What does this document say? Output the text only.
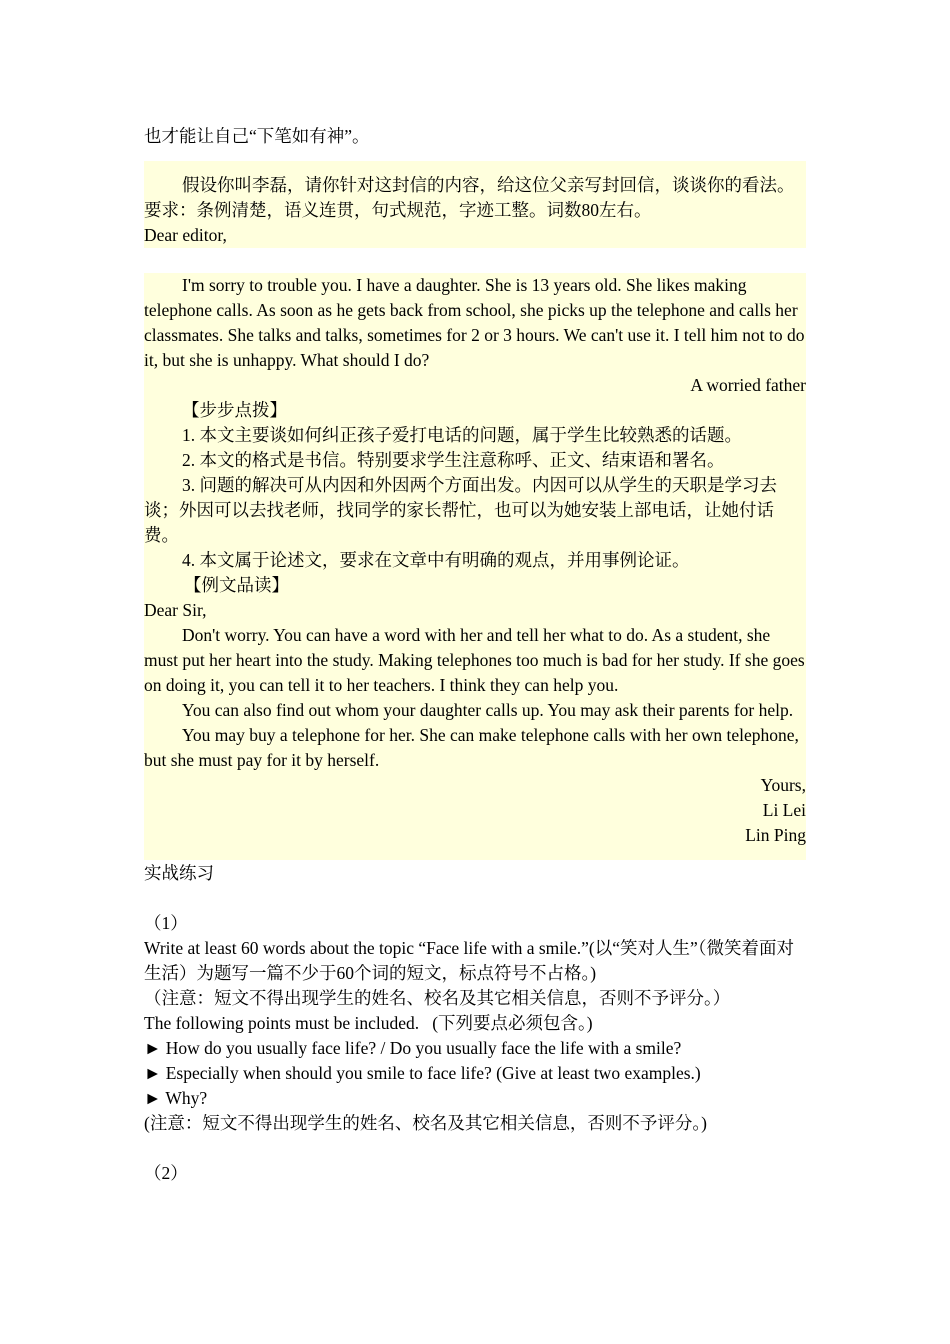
也才能让自己“下笔如有神”。
假设你叫李磊，请你针对这封信的内容，给这位父亲写封回信，谈谈你的看法。要求：条例清楚，语义连贯，句式规范，字迹工整。词数80左右。
Dear editor,
I'm sorry to trouble you. I have a daughter. She is 13 years old. She likes making telephone calls. As soon as he gets back from school, she picks up the telephone and calls her classmates. She talks and talks, sometimes for 2 or 3 hours. We can't use it. I tell him not to do it, but she is unhappy. What should I do?
A worried father
【步步点拨】
1. 本文主要谈如何纠正孩子爱打电话的问题，属于学生比较熟悉的话题。
2. 本文的格式是书信。特别要求学生注意称呼、正文、结束语和署名。
3. 问题的解决可从内因和外因两个方面出发。内因可以从学生的天职是学习去谈；外因可以去找老师，找同学的家长帮忙，也可以为她安装上部电话，让她付话费。
4. 本文属于论述文，要求在文章中有明确的观点，并用事例论证。
【例文品读】
Dear Sir,
Don't worry. You can have a word with her and tell her what to do. As a student, she must put her heart into the study. Making telephones too much is bad for her study. If she goes on doing it, you can tell it to her teachers. I think they can help you.
You can also find out whom your daughter calls up. You may ask their parents for help.
You may buy a telephone for her. She can make telephone calls with her own telephone, but she must pay for it by herself.
Yours,
Li Lei
Lin Ping
实战练习
（1）
Write at least 60 words about the topic “Face life with a smile.”(以“笑对人生”（微笑着面对生活）为题写一篇不少于60个词的短文，标点符号不占格。)
（注意：短文不得出现学生的姓名、校名及其它相关信息，否则不予评分。）
The following points must be included.   (下列要点必须包含。)
► How do you usually face life? / Do you usually face the life with a smile?
► Especially when should you smile to face life? (Give at least two examples.)
► Why?
(注意：短文不得出现学生的姓名、校名及其它相关信息，否则不予评分。)
（2）
